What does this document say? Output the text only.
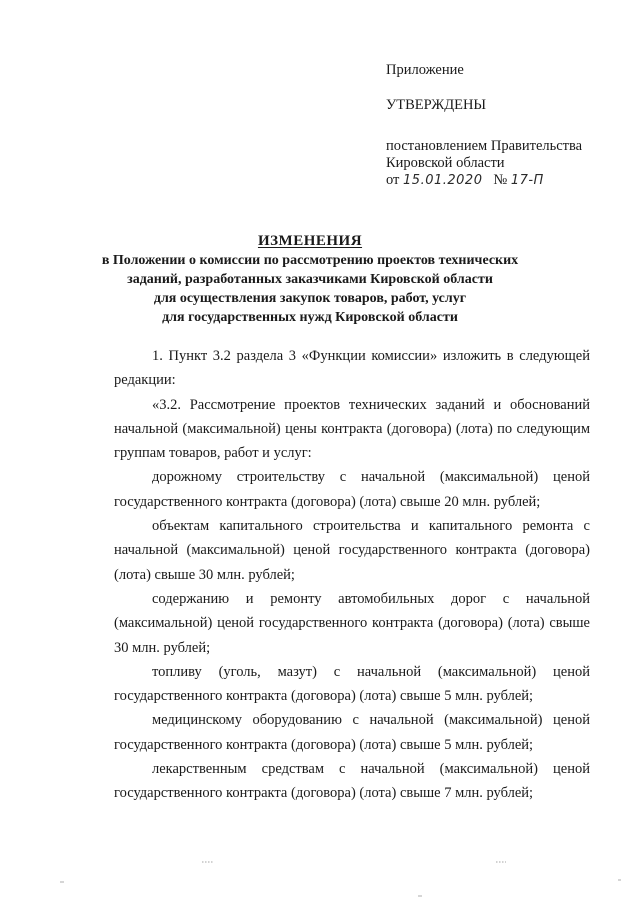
Приложение
УТВЕРЖДЕНЫ
постановлением Правительства
Кировской области
от 15.01.2020 № 17-П
ИЗМЕНЕНИЯ
в Положении о комиссии по рассмотрению проектов технических
заданий, разработанных заказчиками Кировской области
для осуществления закупок товаров, работ, услуг
для государственных нужд Кировской области

1. Пункт 3.2 раздела 3 «Функции комиссии» изложить в следующей редакции:

«3.2. Рассмотрение проектов технических заданий и обоснований начальной (максимальной) цены контракта (договора) (лота) по следующим группам товаров, работ и услуг:

дорожному строительству с начальной (максимальной) ценой государственного контракта (договора) (лота) свыше 20 млн. рублей;

объектам капитального строительства и капитального ремонта с начальной (максимальной) ценой государственного контракта (договора) (лота) свыше 30 млн. рублей;

содержанию и ремонту автомобильных дорог с начальной (максимальной) ценой государственного контракта (договора) (лота) свыше 30 млн. рублей;

топливу (уголь, мазут) с начальной (максимальной) ценой государственного контракта (договора) (лота) свыше 5 млн. рублей;

медицинскому оборудованию с начальной (максимальной) ценой государственного контракта (договора) (лота) свыше 5 млн. рублей;

лекарственным средствам с начальной (максимальной) ценой государственного контракта (договора) (лота) свыше 7 млн. рублей;
